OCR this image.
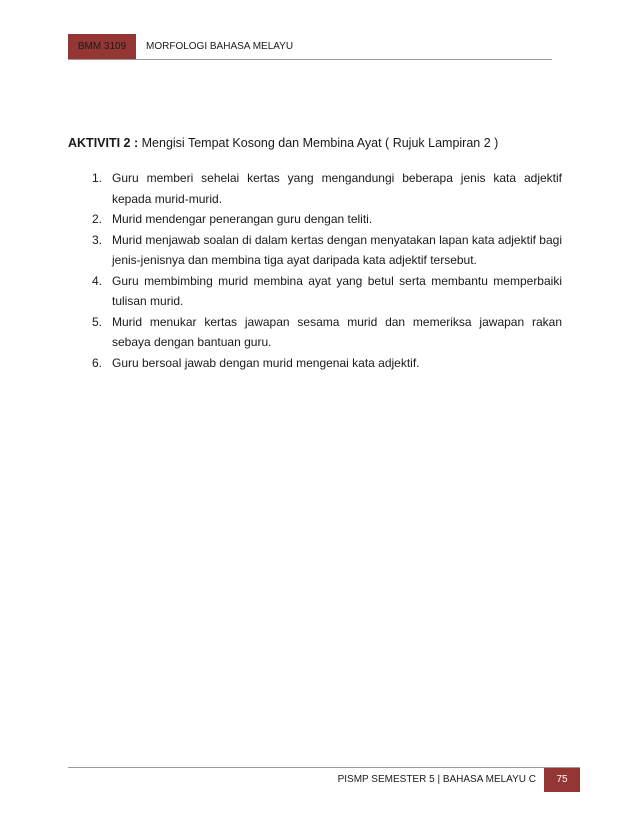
BMM 3109	MORFOLOGI BAHASA MELAYU
AKTIVITI 2 : Mengisi Tempat Kosong dan Membina Ayat ( Rujuk Lampiran 2 )
1. Guru memberi sehelai kertas yang mengandungi beberapa jenis kata adjektif kepada murid-murid.
2. Murid mendengar penerangan guru dengan teliti.
3. Murid menjawab soalan di dalam kertas dengan menyatakan lapan kata adjektif bagi jenis-jenisnya dan membina tiga ayat daripada kata adjektif tersebut.
4. Guru membimbing murid membina ayat yang betul serta membantu memperbaiki tulisan murid.
5. Murid menukar kertas jawapan sesama murid dan memeriksa jawapan rakan sebaya dengan bantuan guru.
6. Guru bersoal jawab dengan murid mengenai kata adjektif.
PISMP SEMESTER 5 | BAHASA MELAYU C	75
